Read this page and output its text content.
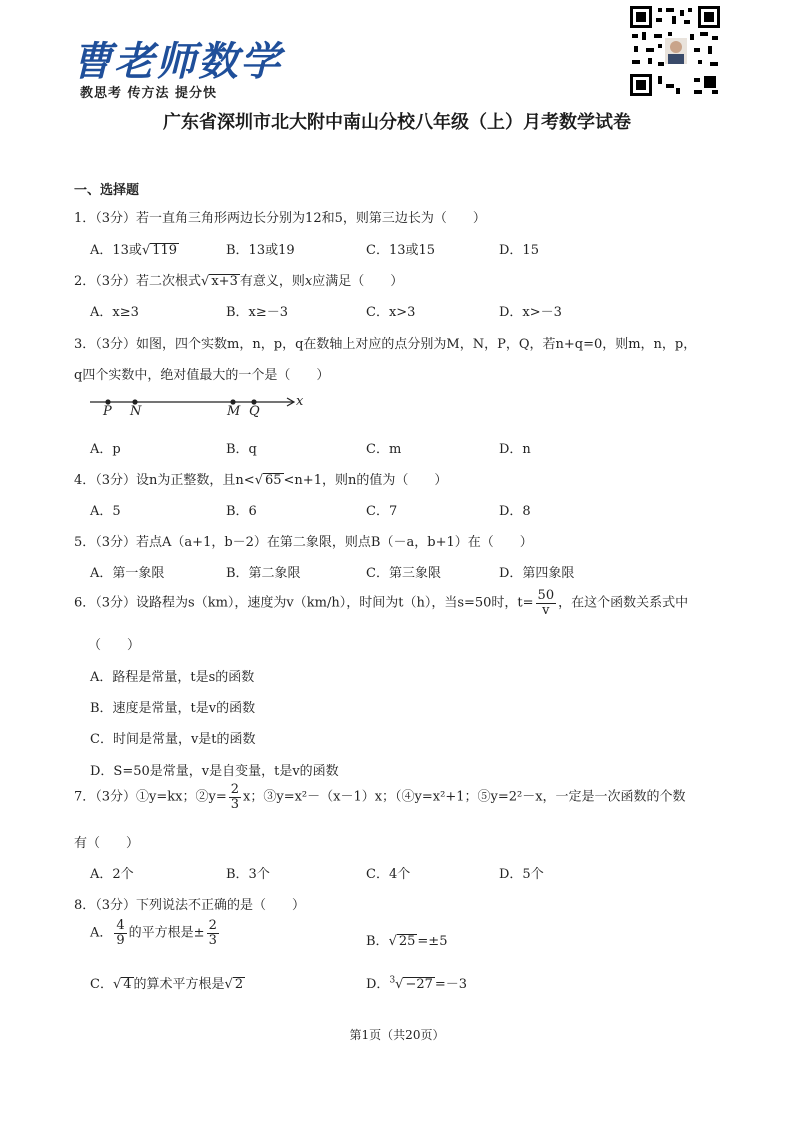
曹老师数学
教思考 传方法 提分快
广东省深圳市北大附中南山分校八年级（上）月考数学试卷
一、选择题
1．（3分）若一直角三角形两边长分别为12和5，则第三边长为（　　）
A．13或√ 119	B．13或19	C．13或15	D．15
2．（3分）若二次根式√ x+3 有意义，则x应满足（　　）
A．x≥3	B．x≥－3	C．x>3	D．x>－3
3．（3分）如图，四个实数m，n，p，q在数轴上对应的点分别为M，N，P，Q，若n+q=0，则m，n，p，
q四个实数中，绝对值最大的一个是（　　）
P N	M Q
x
A．p	B．q	C．m	D．n
4．（3分）设n为正整数，且n<√ 65 <n+1，则n的值为（　　）
A．5	B．6	C．7	D．8
5．（3分）若点A（a+1，b－2）在第二象限，则点B（－a，b+1）在（　　）
A．第一象限	B．第二象限	C．第三象限	D．第四象限
6．（3分）设路程为s（km），速度为v（km/h），时间为t（h），当s=50时，$t= \frac{50}{v}$ ，在这个函数关系式中
（　　）
A．路程是常量，t是s的函数
B．速度是常量，t是v的函数
C．时间是常量，v是t的函数
D．S=50是常量，v是自变量，t是v的函数
7．（3分）①y=kx；②y= $\frac{2}{3}$ x；③y=x²－（x－1）x；（④y=x²+1；⑤y=2²－x，一定是一次函数的个数
有（　　）
A．2个	B．3个	C．4个	D．5个
8．（3分）下列说法不正确的是（　　）
A． $\frac{4}{9}$ 的平方根是± $\frac{2}{3}$	B．√ 25 =±5
C．√ 4 的算术平方根是√ 2	D．$^3$√ −27 =－3
第1页（共20页）
